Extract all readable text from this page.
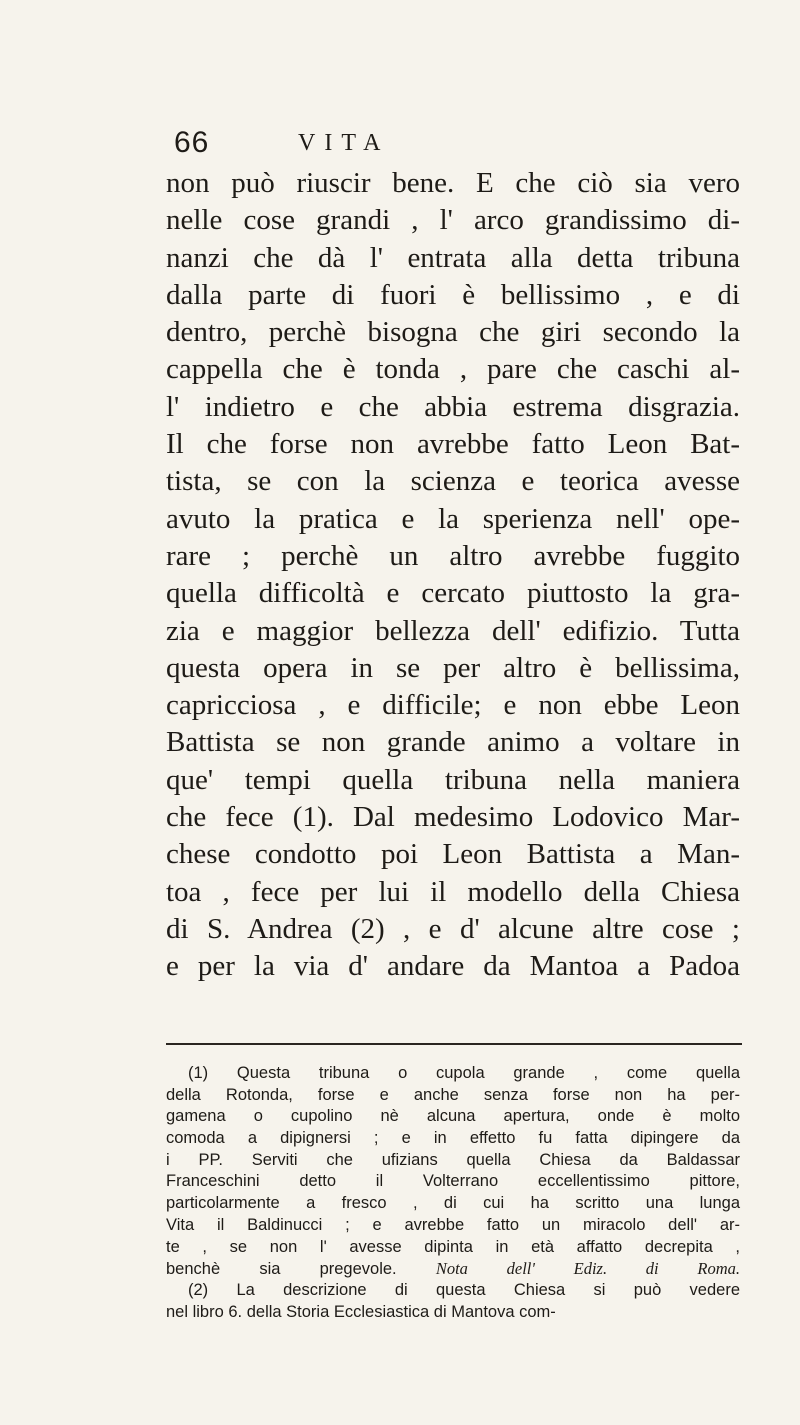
66	VITA
non può riuscir bene. E che ciò sia vero
nelle cose grandi , l' arco grandissimo di-
nanzi che dà l' entrata alla detta tribuna
dalla parte di fuori è bellissimo , e di
dentro, perchè bisogna che giri secondo la
cappella che è tonda , pare che caschi al-
l' indietro e che abbia estrema disgrazia.
Il che forse non avrebbe fatto Leon Bat-
tista, se con la scienza e teorica avesse
avuto la pratica e la sperienza nell' ope-
rare ; perchè un altro avrebbe fuggito
quella difficoltà e cercato piuttosto la gra-
zia e maggior bellezza dell' edifizio. Tutta
questa opera in se per altro è bellissima,
capricciosa , e difficile; e non ebbe Leon
Battista se non grande animo a voltare in
que' tempi quella tribuna nella maniera
che fece (1). Dal medesimo Lodovico Mar-
chese condotto poi Leon Battista a Man-
toa , fece per lui il modello della Chiesa
di S. Andrea (2) , e d' alcune altre cose ;
e per la via d' andare da Mantoa a Padoa
(1) Questa tribuna o cupola grande , come quella
della Rotonda, forse e anche senza forse non ha per-
gamena o cupolino nè alcuna apertura, onde è molto
comoda a dipignersi ; e in effetto fu fatta dipingere da
i PP. Serviti che ufizians quella Chiesa da Baldassar
Franceschini detto il Volterrano eccellentissimo pittore,
particolarmente a fresco , di cui ha scritto una lunga
Vita il Baldinucci ; e avrebbe fatto un miracolo dell' ar-
te , se non l' avesse dipinta in età affatto decrepita ,
benchè sia pregevole. Nota dell' Ediz. di Roma.
(2) La descrizione di questa Chiesa si può vedere
nel libro 6. della Storia Ecclesiastica di Mantova com-
